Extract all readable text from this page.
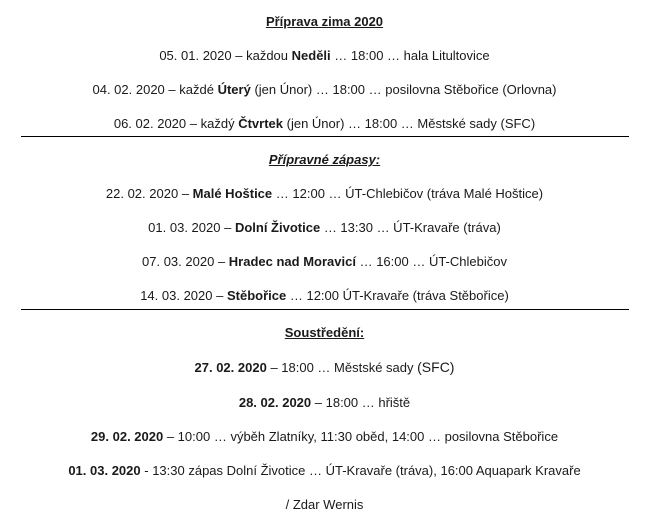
Příprava zima 2020
05. 01. 2020 – každou Neděli … 18:00 … hala Litultovice
04. 02. 2020 – každé Úterý (jen Únor) … 18:00 … posilovna Stěbořice (Orlovna)
06. 02. 2020 – každý Čtvrtek (jen Únor) … 18:00 … Městské sady (SFC)
Přípravné zápasy:
22. 02. 2020 – Malé Hoštice … 12:00 … ÚT-Chlebičov (tráva Malé Hoštice)
01. 03. 2020 – Dolní Životice … 13:30 … ÚT-Kravaře (tráva)
07. 03. 2020 – Hradec nad Moravicí … 16:00 … ÚT-Chlebičov
14. 03. 2020 – Stěbořice … 12:00 ÚT-Kravaře (tráva Stěbořice)
Soustředění:
27. 02. 2020 – 18:00 … Městské sady (SFC)
28. 02. 2020 – 18:00 … hřiště
29. 02. 2020 – 10:00 … výběh Zlatníky, 11:30 oběd, 14:00 … posilovna Stěbořice
01. 03. 2020 - 13:30 zápas Dolní Životice … ÚT-Kravaře (tráva), 16:00 Aquapark Kravaře
/ Zdar Wernis
